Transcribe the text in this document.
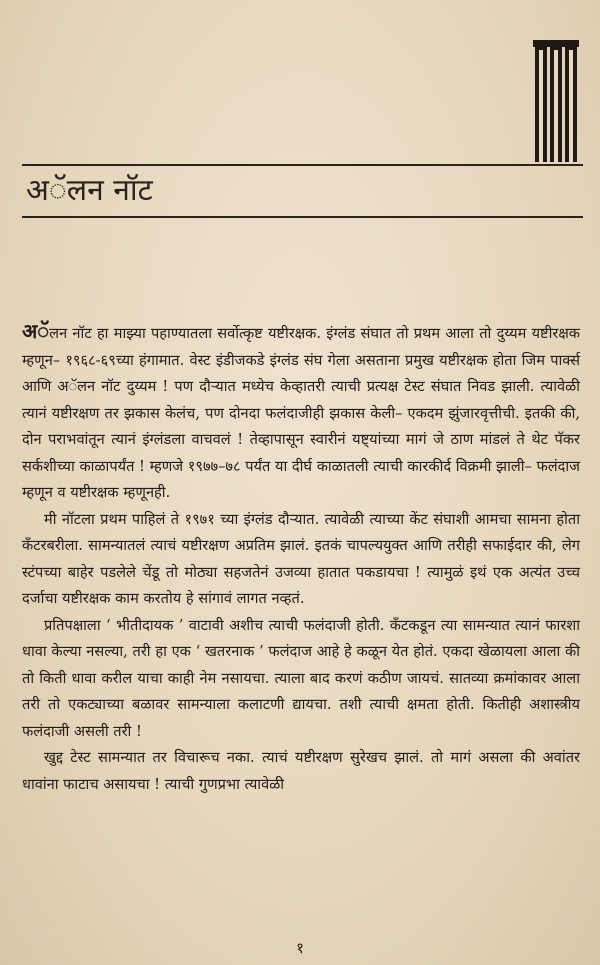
अॅलन नॉट

अॅलन नॉट हा माझ्या पहाण्यातला सर्वोत्कृष्ट यष्टीरक्षक. इंग्लंड संघात तो प्रथम आला तो दुय्यम यष्टीरक्षक म्हणून– १९६८-६९च्या हंगामात. वेस्ट इंडीजकडे इंग्लंड संघ गेला असताना प्रमुख यष्टीरक्षक होता जिम पार्क्स आणि अॅलन नॉट दुय्यम ! पण दौऱ्यात मध्येच केव्हातरी त्याची प्रत्यक्ष टेस्ट संघात निवड झाली. त्यावेळी त्यानं यष्टीरक्षण तर झकास केलंच, पण दोनदा फलंदाजीही झकास केली– एकदम झुंजारवृत्तीची. इतकी की, दोन पराभवांतून त्यानं इंग्लंडला वाचवलं ! तेव्हापासून स्वारीनं यष्ट्यांच्या मागं जे ठाण मांडलं ते थेट पॅकर सर्कशीच्या काळापर्यंत ! म्हणजे १९७७–७८ पर्यंत या दीर्घ काळातली त्याची कारकीर्द विक्रमी झाली– फलंदाज म्हणून व यष्टीरक्षक म्हणूनही.

मी नॉटला प्रथम पाहिलं ते १९७१ च्या इंग्लंड दौऱ्यात. त्यावेळी त्याच्या केंट संघाशी आमचा सामना होता कॅंटरबरीला. सामन्यातलं त्याचं यष्टीरक्षण अप्रतिम झालं. इतकं चापल्ययुक्त आणि तरीही सफाईदार की, लेग स्टंपच्या बाहेर पडलेले चेंडू तो मोठ्या सहजतेनं उजव्या हातात पकडायचा ! त्यामुळं इथं एक अत्यंत उच्च दर्जाचा यष्टीरक्षक काम करतोय हे सांगावं लागत नव्हतं.

प्रतिपक्षाला ‘ भीतीदायक ’ वाटावी अशीच त्याची फलंदाजी होती. कॅंटकडून त्या सामन्यात त्यानं फारशा धावा केल्या नसल्या, तरी हा एक ‘ खतरनाक ’ फलंदाज आहे हे कळून येत होतं. एकदा खेळायला आला की तो किती धावा करील याचा काही नेम नसायचा. त्याला बाद करणं कठीण जायचं. सातव्या क्रमांकावर आला तरी तो एकट्याच्या बळावर सामन्याला कलाटणी द्यायचा. तशी त्याची क्षमता होती. कितीही अशास्त्रीय फलंदाजी असली तरी !

खुद्द टेस्ट सामन्यात तर विचारूच नका. त्याचं यष्टीरक्षण सुरेखच झालं. तो मागं असला की अवांतर धावांना फाटाच असायचा ! त्याची गुणप्रभा त्यावेळी

१
